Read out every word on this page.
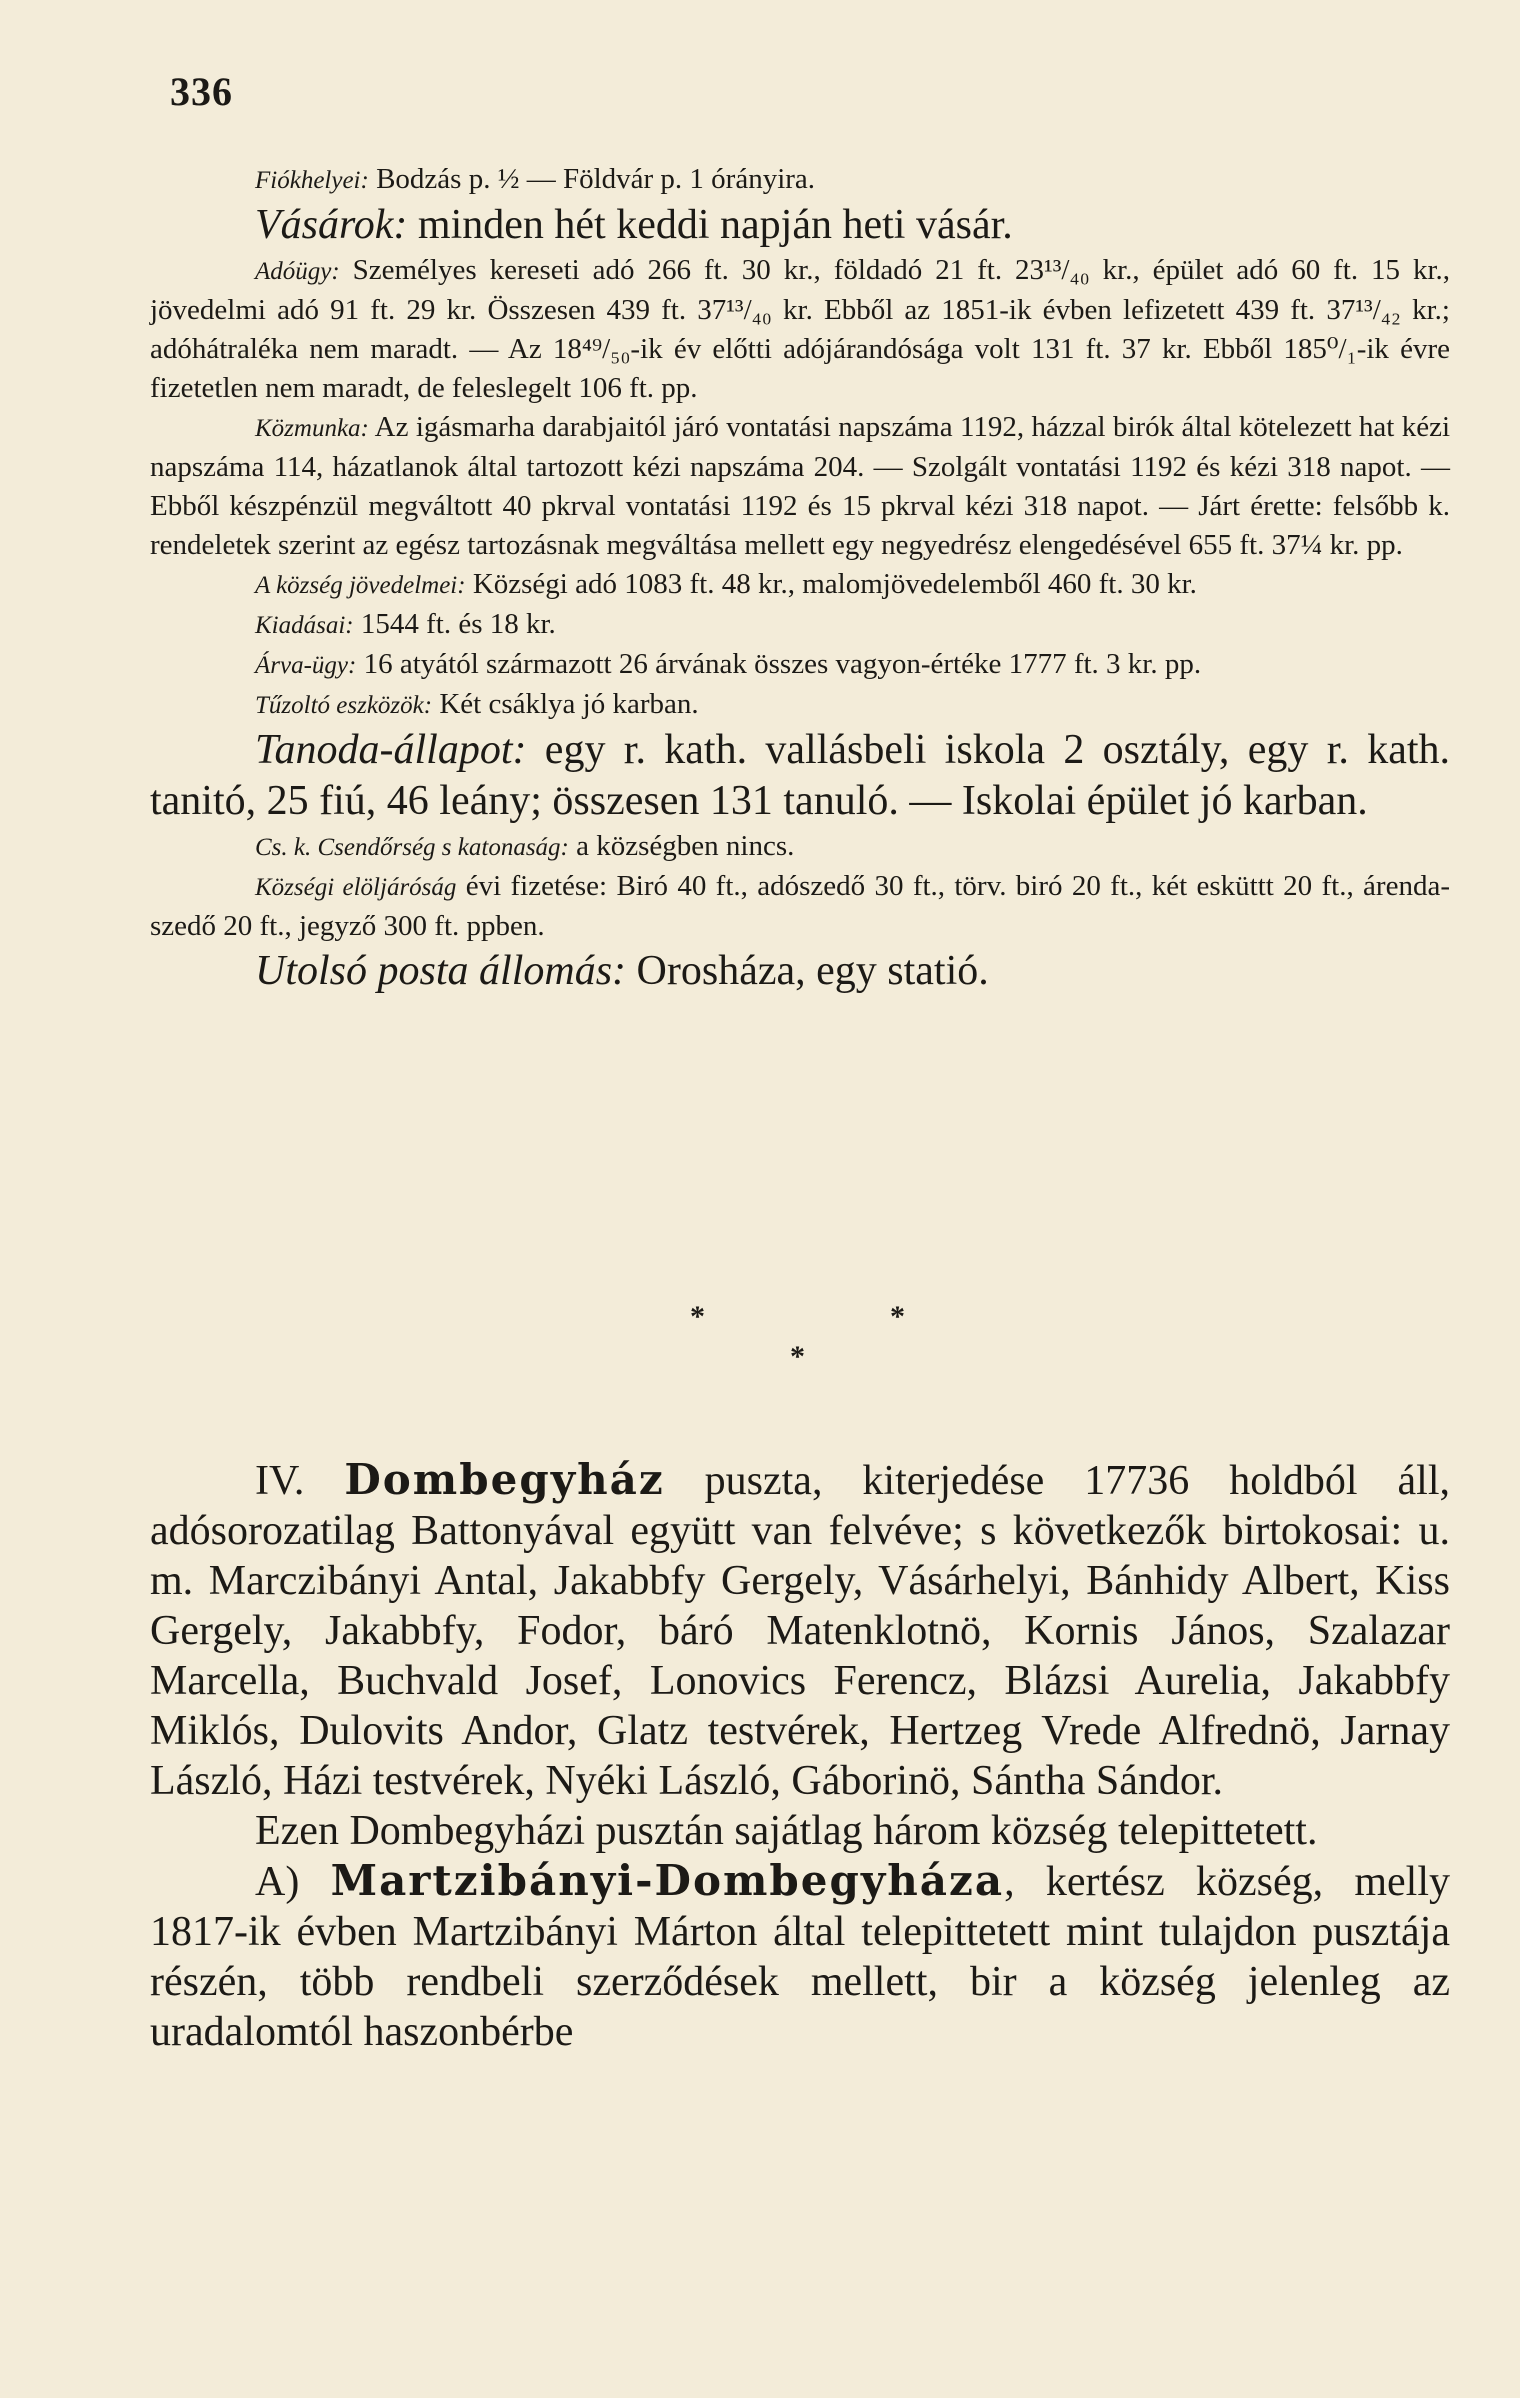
336

Fiókhelyei: Bodzás p. ½ — Földvár p. 1 órányira.

Vásárok: minden hét keddi napján heti vásár.

Adóügy: Személyes kereseti adó 266 ft. 30 kr., földadó 21 ft. 23¹³/₄₀ kr., épület adó 60 ft. 15 kr., jövedelmi adó 91 ft. 29 kr. Összesen 439 ft. 37¹³/₄₀ kr. Ebből az 1851-ik évben lefizetett 439 ft. 37¹³/₄₂ kr.; adóhátraléka nem maradt. — Az 18⁴⁹/₅₀-ik év előtti adójárandósága volt 131 ft. 37 kr. Ebből 185⁰/₁-ik évre fizetetlen nem maradt, de feleslegelt 106 ft. pp.

Közmunka: Az igásmarha darabjaitól járó vontatási napszáma 1192, házzal birók által kötelezett hat kézi napszáma 114, házatlanok által tartozott kézi napszáma 204. — Szolgált vontatási 1192 és kézi 318 napot. — Ebből készpénzül megváltott 40 pkrval vontatási 1192 és 15 pkrval kézi 318 napot. — Járt érette: felsőbb k. rendeletek szerint az egész tartozásnak megváltása mellett egy negyedrész elengedésével 655 ft. 37¼ kr. pp.

A község jövedelmei: Községi adó 1083 ft. 48 kr., malomjövedelemből 460 ft. 30 kr.

Kiadásai: 1544 ft. és 18 kr.

Árva-ügy: 16 atyától származott 26 árvának összes vagyon-értéke 1777 ft. 3 kr. pp.

Tűzoltó eszközök: Két csáklya jó karban.

Tanoda-állapot: egy r. kath. vallásbeli iskola 2 osztály, egy r. kath. tanitó, 25 fiú, 46 leány; összesen 131 tanuló. — Iskolai épület jó karban.

Cs. k. Csendőrség s katonaság: a községben nincs.

Községi elöljáróság évi fizetése: Biró 40 ft., adószedő 30 ft., törv. biró 20 ft., két esküttt 20 ft., árenda-szedő 20 ft., jegyző 300 ft. ppben.

Utolsó posta állomás: Orosháza, egy statió.

*	*
*

IV. Dombegyház puszta, kiterjedése 17736 holdból áll, adósorozatilag Battonyával együtt van felvéve; s következők birtokosai: u. m. Marczibányi Antal, Jakabbfy Gergely, Vásárhelyi, Bánhidy Albert, Kiss Gergely, Jakabbfy, Fodor, báró Matenklotnö, Kornis János, Szalazar Marcella, Buchvald Josef, Lonovics Ferencz, Blázsi Aurelia, Jakabbfy Miklós, Dulovits Andor, Glatz testvérek, Hertzeg Vrede Alfrednö, Jarnay László, Házi testvérek, Nyéki László, Gáborinö, Sántha Sándor.

Ezen Dombegyházi pusztán sajátlag három község telepittetett.

A) Martzibányi-Dombegyháza, kertész község, melly 1817-ik évben Martzibányi Márton által telepittetett mint tulajdon pusztája részén, több rendbeli szerződések mellett, bir a község jelenleg az uradalomtól haszonbérbe
